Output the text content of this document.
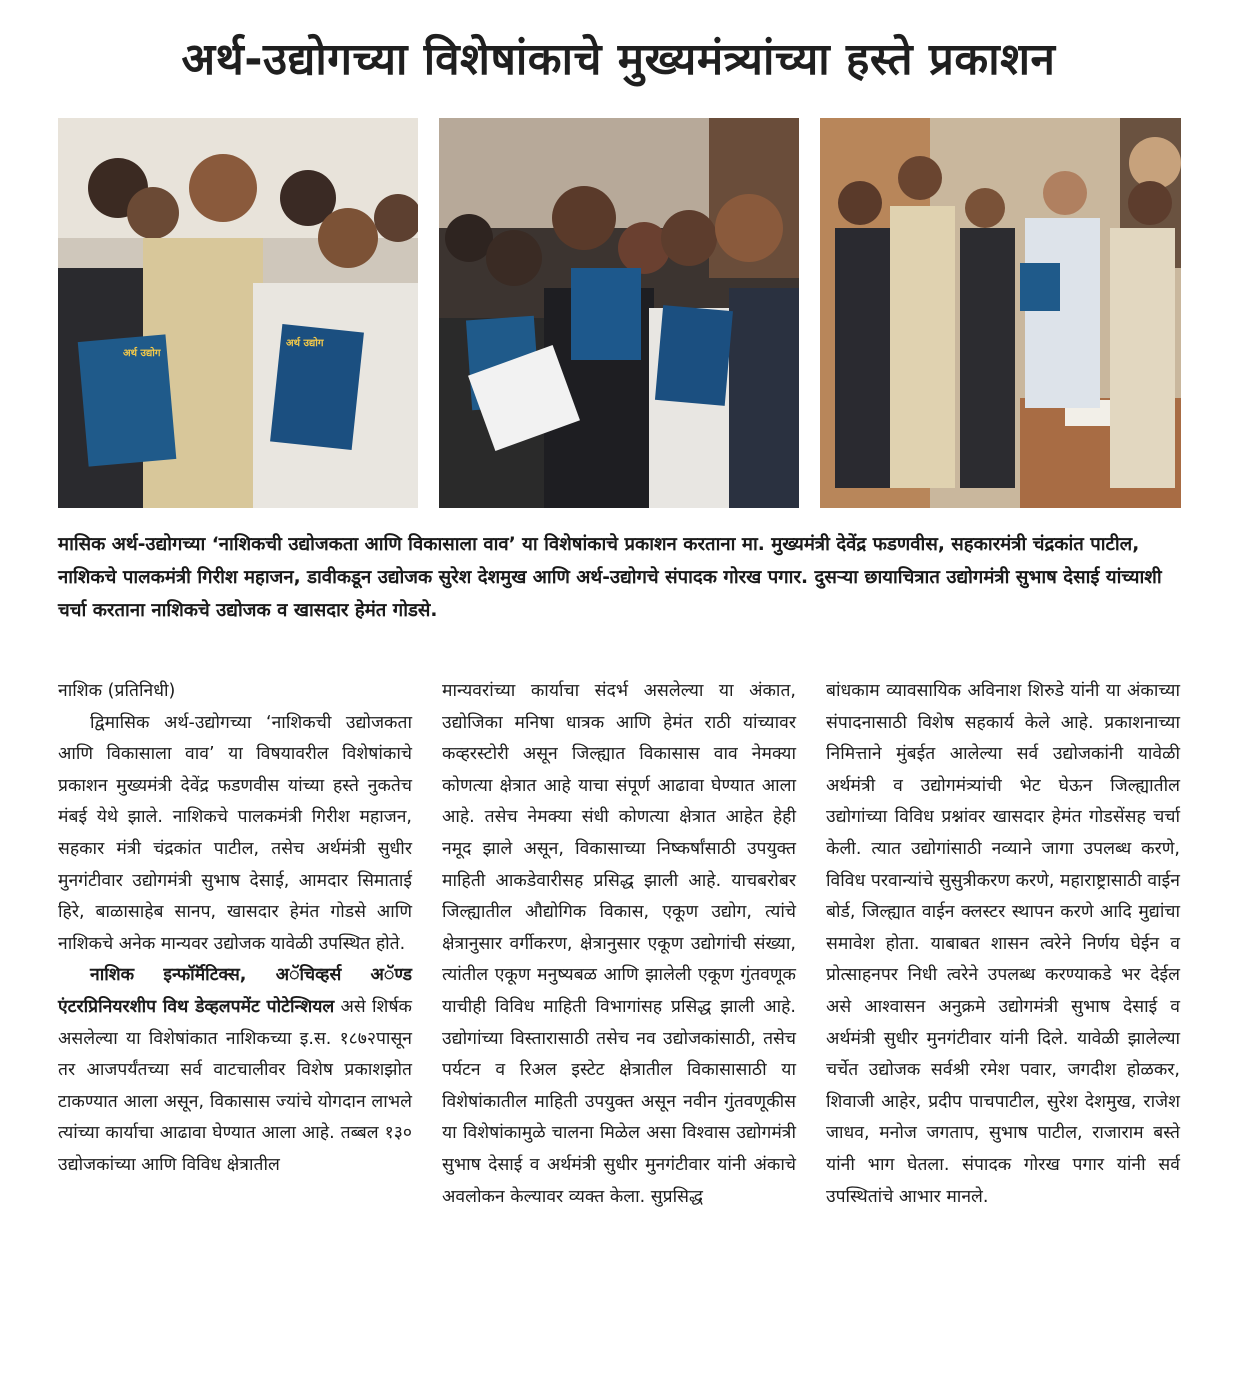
अर्थ-उद्योगच्या विशेषांकाचे मुख्यमंत्र्यांच्या हस्ते प्रकाशन
अर्थ उद्योग
अर्थ उद्योग
मासिक अर्थ-उद्योगच्या ‘नाशिकची उद्योजकता आणि विकासाला वाव’ या विशेषांकाचे प्रकाशन करताना मा. मुख्यमंत्री देवेंद्र फडणवीस, सहकारमंत्री चंद्रकांत पाटील, नाशिकचे पालकमंत्री गिरीश महाजन, डावीकडून उद्योजक सुरेश देशमुख आणि अर्थ-उद्योगचे संपादक गोरख पगार. दुसऱ्या छायाचित्रात उद्योगमंत्री सुभाष देसाई यांच्याशी चर्चा करताना नाशिकचे उद्योजक व खासदार हेमंत गोडसे.

नाशिक (प्रतिनिधी)

द्विमासिक अर्थ-उद्योगच्या ‘नाशिकची उद्योजकता आणि विकासाला वाव’ या विषयावरील विशेषांकाचे प्रकाशन मुख्यमंत्री देवेंद्र फडणवीस यांच्या हस्ते नुकतेच मंबई येथे झाले. नाशिकचे पालकमंत्री गिरीश महाजन, सहकार मंत्री चंद्रकांत पाटील, तसेच अर्थमंत्री सुधीर मुनगंटीवार उद्योगमंत्री सुभाष देसाई, आमदार सिमाताई हिरे, बाळासाहेब सानप, खासदार हेमंत गोडसे आणि नाशिकचे अनेक मान्यवर उद्योजक यावेळी उपस्थित होते.

नाशिक इन्फॉर्मॅटिक्स, अॅचिव्हर्स अॅण्ड एंटरप्रिनियरशीप विथ डेव्हलपमेंट पोटेन्शियल असे शिर्षक असलेल्या या विशेषांकात नाशिकच्या इ.स. १८७२पासून तर आजपर्यंतच्या सर्व वाटचालीवर विशेष प्रकाशझोत टाकण्यात आला असून, विकासास ज्यांचे योगदान लाभले त्यांच्या कार्याचा आढावा घेण्यात आला आहे. तब्बल १३० उद्योजकांच्या आणि विविध क्षेत्रातील

मान्यवरांच्या कार्याचा संदर्भ असलेल्या या अंकात, उद्योजिका मनिषा धात्रक आणि हेमंत राठी यांच्यावर कव्हरस्टोरी असून जिल्ह्यात विकासास वाव नेमक्या कोणत्या क्षेत्रात आहे याचा संपूर्ण आढावा घेण्यात आला आहे. तसेच नेमक्या संधी कोणत्या क्षेत्रात आहेत हेही नमूद झाले असून, विकासाच्या निष्कर्षांसाठी उपयुक्त माहिती आकडेवारीसह प्रसिद्ध झाली आहे. याचबरोबर जिल्ह्यातील औद्योगिक विकास, एकूण उद्योग, त्यांचे क्षेत्रानुसार वर्गीकरण, क्षेत्रानुसार एकूण उद्योगांची संख्या, त्यांतील एकूण मनुष्यबळ आणि झालेली एकूण गुंतवणूक याचीही विविध माहिती विभागांसह प्रसिद्ध झाली आहे. उद्योगांच्या विस्तारासाठी तसेच नव उद्योजकांसाठी, तसेच पर्यटन व रिअल इस्टेट क्षेत्रातील विकासासाठी या विशेषांकातील माहिती उपयुक्त असून नवीन गुंतवणूकीस या विशेषांकामुळे चालना मिळेल असा विश्वास उद्योगमंत्री सुभाष देसाई व अर्थमंत्री सुधीर मुनगंटीवार यांनी अंकाचे अवलोकन केल्यावर व्यक्त केला. सुप्रसिद्ध

बांधकाम व्यावसायिक अविनाश शिरुडे यांनी या अंकाच्या संपादनासाठी विशेष सहकार्य केले आहे. प्रकाशनाच्या निमित्ताने मुंबईत आलेल्या सर्व उद्योजकांनी यावेळी अर्थमंत्री व उद्योगमंत्र्यांची भेट घेऊन जिल्ह्यातील उद्योगांच्या विविध प्रश्नांवर खासदार हेमंत गोडसेंसह चर्चा केली. त्यात उद्योगांसाठी नव्याने जागा उपलब्ध करणे, विविध परवान्यांचे सुसुत्रीकरण करणे, महाराष्ट्रासाठी वाईन बोर्ड, जिल्ह्यात वाईन क्लस्टर स्थापन करणे आदि मुद्यांचा समावेश होता. याबाबत शासन त्वरेने निर्णय घेईन व प्रोत्साहनपर निधी त्वरेने उपलब्ध करण्याकडे भर देईल असे आश्वासन अनुक्रमे उद्योगमंत्री सुभाष देसाई व अर्थमंत्री सुधीर मुनगंटीवार यांनी दिले. यावेळी झालेल्या चर्चेत उद्योजक सर्वश्री रमेश पवार, जगदीश होळकर, शिवाजी आहेर, प्रदीप पाचपाटील, सुरेश देशमुख, राजेश जाधव, मनोज जगताप, सुभाष पाटील, राजाराम बस्ते यांनी भाग घेतला. संपादक गोरख पगार यांनी सर्व उपस्थितांचे आभार मानले.
